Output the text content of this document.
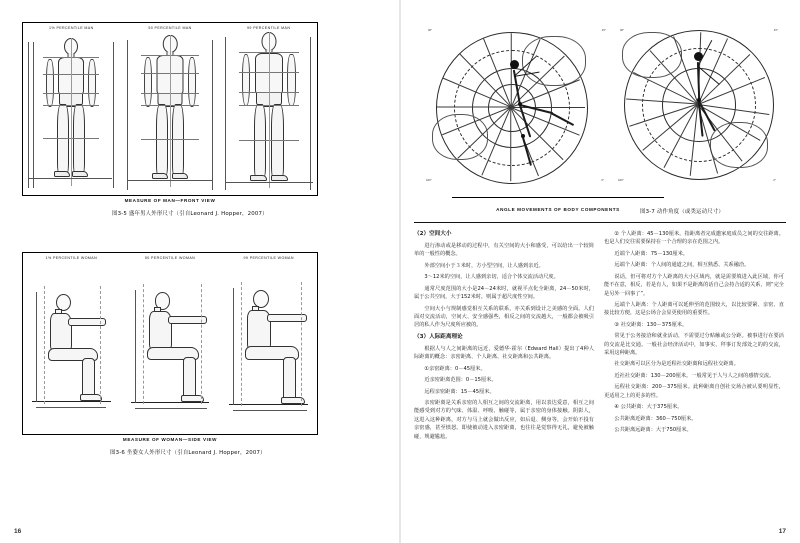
1% PERCENTILE MAN	50 PERCENTILE MAN	99 PERCENTILE MAN
MEASURE OF MAN—FRONT VIEW
图3-5 盛年男人外形尺寸（引自Leonard J. Hopper，2007）
1% PERCENTILE WOMAN	50 PERCENTILE WOMAN	99 PERCENTILE WOMAN
MEASURE OF WOMAN—SIDE VIEW
图3-6 坐姿女人外形尺寸（引自Leonard J. Hopper，2007）
16
90°	45°
180°	0°
90°	45°
180°	0°
ANGLE MOVEMENTS OF BODY COMPONENTS	图3-7 动作角度（或类运动尺寸）
（2）空间大小

进行渗动或是移动的过程中，有关空间的大小和感受，可以给出一个较简单的一般性的概念。

外部空间小于３米时，方小型空间，让人感到亲近。

3～12米的空间，让人感到亲切，适合个体交流活动尺度。

通常尺度范围的大小是24－24米时，就视平点化全距离，24－50米时，属于公共空间，大于152米时，则属于超尺度性空间。

空间大小与规制感觉相互关系的联系，亦关系到设计之美感的全面。人们面对交流活动，空间大、安全感强些，相反之间的交流越大，一般都会被吸引居的私人作为尺度所应被的。

（3）人际距离理论

根据人与人之间距离的远近，爱德华·霍尔（Edward Hall）提出了4种人际距离的概念：亲密距离、个人距离、社交距离和公共距离。

①亲密距离：0－45厘米。

近亲密距离范围：0－15厘米。

远程亲密距离：15－45厘米。

亲密距离是关系亲密的人相互之间的交流距离，用以表达爱意，相互之间能感受到对方的气味、体温、呼吸、触碰等，属于亲密的身体接触。阴影人，这进入这种距离，对方与马上就会做出反应，如后退、侧身等，会开始不投有亲密感，甚至愤怒。即使被动进入亲密距离，也往往是觉察得无礼，避免被触碰，规避尴尬。

② 个人距离：45－130厘米。指距离者完成邀家庭成员之间的交往距离。也是人们交往需要保持在一个合理的亲在范围之内。

近端个人距离：75－130厘米。

远端个人距离：个人间的通道之间，相互熟悉、关系融洽。

说话，但可将对方个人距离的大小区域内，就是需要填进入此区域，你可能不在意，相反，若是有人，如果不是距离的话自己会持合适的关系，则“完全是另外一回事了”。

远端个人距离：个人距离可以延伸至的范围较大，以比较要紧、亲密、直接比较方便，这是公场合会显更使用的重要性。

③ 社交距离：130－375厘米。

常见于公务接洽和就业活动，不需要过分贴触或公分距。被事进行在要活的交流是比交通。一般社会经济活动中，如事实、拜事订发部处之的的交流，采用这种距离。

社交距离可以区分为是近程社交距离和远程社交距离。

近社社交距离：130－200厘米。一般常见于人与人之间的感情交流。

远程社交距离：200－375厘米。此种距离自创社交场合被认要明显性，更适用之上的更多的性。

④ 公共距离：大于375厘米。

公共距离近距离：360－750厘米。

公共距离远距离：大于750厘米。

17
